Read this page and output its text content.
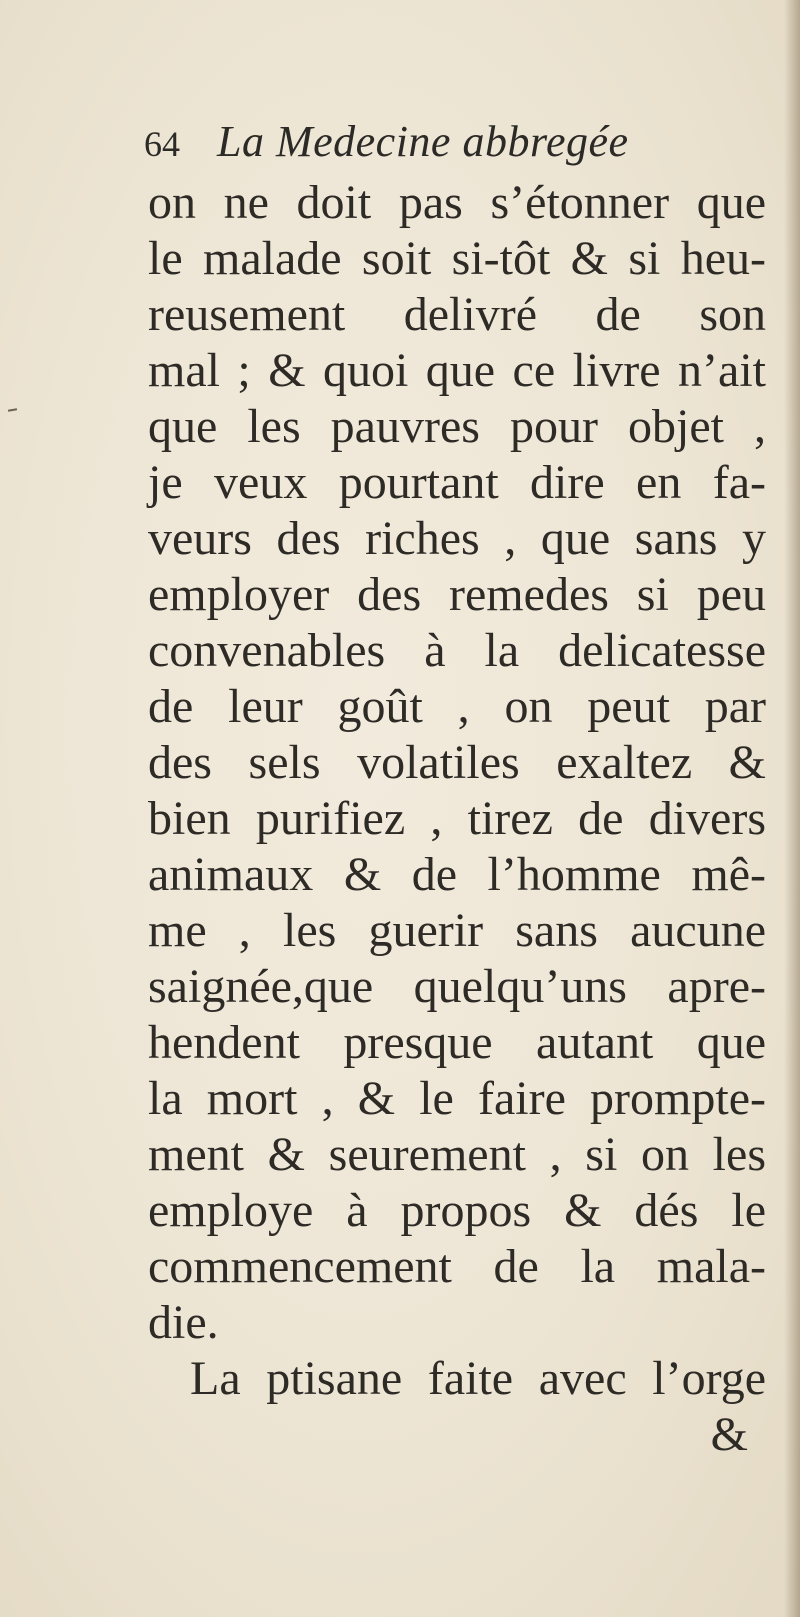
64 La Medecine abbregée
on ne doit pas s’étonner que
le malade soit si-tôt & si heu-
reusement delivré de son
mal ; & quoi que ce livre n’ait
que les pauvres pour objet ,
je veux pourtant dire en fa-
veurs des riches , que sans y
employer des remedes si peu
convenables à la delicatesse
de leur goût , on peut par
des sels volatiles exaltez &
bien purifiez , tirez de divers
animaux & de l’homme mê-
me , les guerir sans aucune
saignée,que quelqu’uns apre-
hendent presque autant que
la mort , & le faire prompte-
ment & seurement , si on les
employe à propos & dés le
commencement de la mala-
die.
La ptisane faite avec l’orge
&
